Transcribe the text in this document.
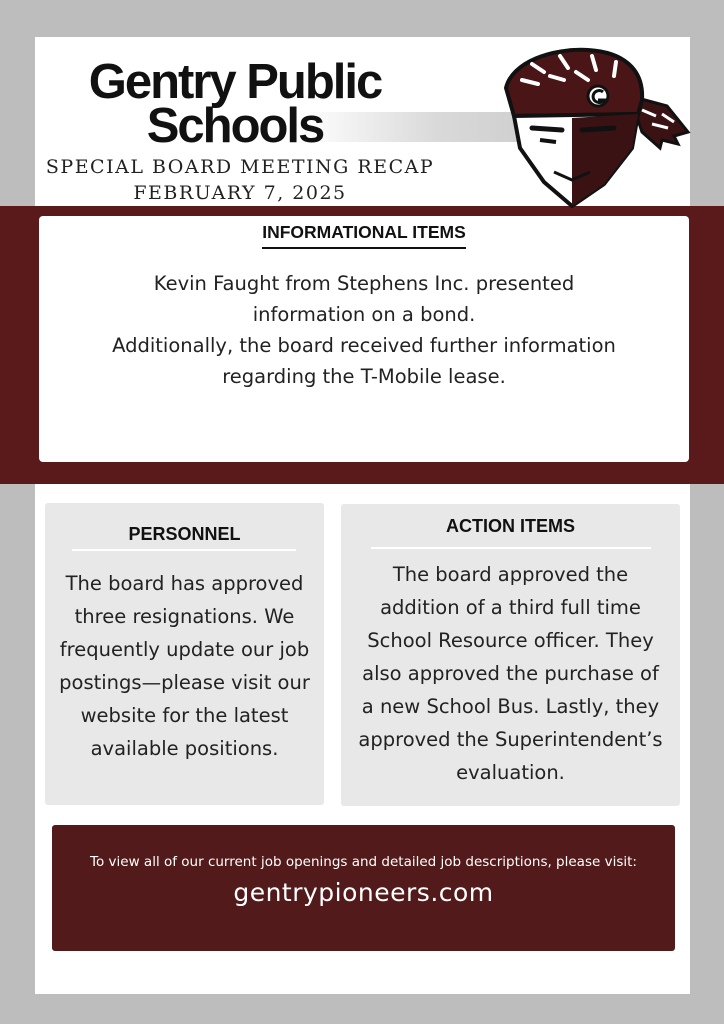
Gentry Public
Schools
SPECIAL BOARD MEETING RECAP
FEBRUARY 7, 2025
INFORMATIONAL ITEMS
Kevin Faught from Stephens Inc. presented information on a bond.
Additionally, the board received further information regarding the T-Mobile lease.
PERSONNEL
The board has approved three resignations. We frequently update our job postings—please visit our website for the latest available positions.
ACTION ITEMS
The board approved the addition of a third full time School Resource officer. They also approved the purchase of a new School Bus. Lastly, they approved the Superintendent’s evaluation.
To view all of our current job openings and detailed job descriptions, please visit:
gentrypioneers.com
